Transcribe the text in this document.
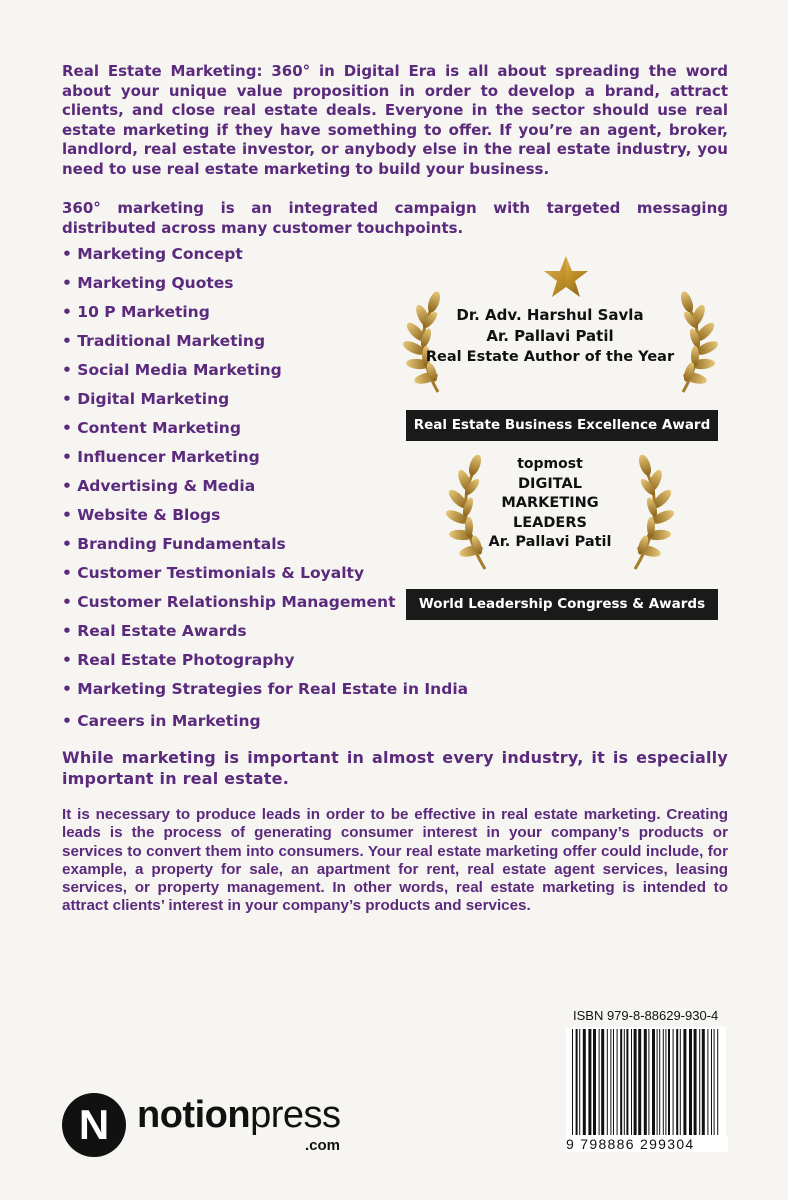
Real Estate Marketing: 360° in Digital Era is all about spreading the word about your unique value proposition in order to develop a brand, attract clients, and close real estate deals. Everyone in the sector should use real estate marketing if they have something to offer. If you’re an agent, broker, landlord, real estate investor, or anybody else in the real estate industry, you need to use real estate marketing to build your business.

360° marketing is an integrated campaign with targeted messaging distributed across many customer touchpoints.

• Marketing Concept
• Marketing Quotes
• 10 P Marketing
• Traditional Marketing
• Social Media Marketing
• Digital Marketing
• Content Marketing
• Influencer Marketing
• Advertising & Media
• Website & Blogs
• Branding Fundamentals
• Customer Testimonials & Loyalty
• Customer Relationship Management
• Real Estate Awards
• Real Estate Photography
• Marketing Strategies for Real Estate in India
• Careers in Marketing
Dr. Adv. Harshul Savla
Ar. Pallavi Patil
Real Estate Author of the Year
Real Estate Business Excellence Award
topmost
DIGITAL
MARKETING
LEADERS
Ar. Pallavi Patil
World Leadership Congress & Awards

While marketing is important in almost every industry, it is especially important in real estate.

It is necessary to produce leads in order to be effective in real estate marketing. Creating leads is the process of generating consumer interest in your company’s products or services to convert them into consumers. Your real estate marketing offer could include, for example, a property for sale, an apartment for rent, real estate agent services, leasing services, or property management. In other words, real estate marketing is intended to attract clients’ interest in your company’s products and services.

ISBN 979-8-88629-930-4
9 798886 299304
N notionpress
.com
